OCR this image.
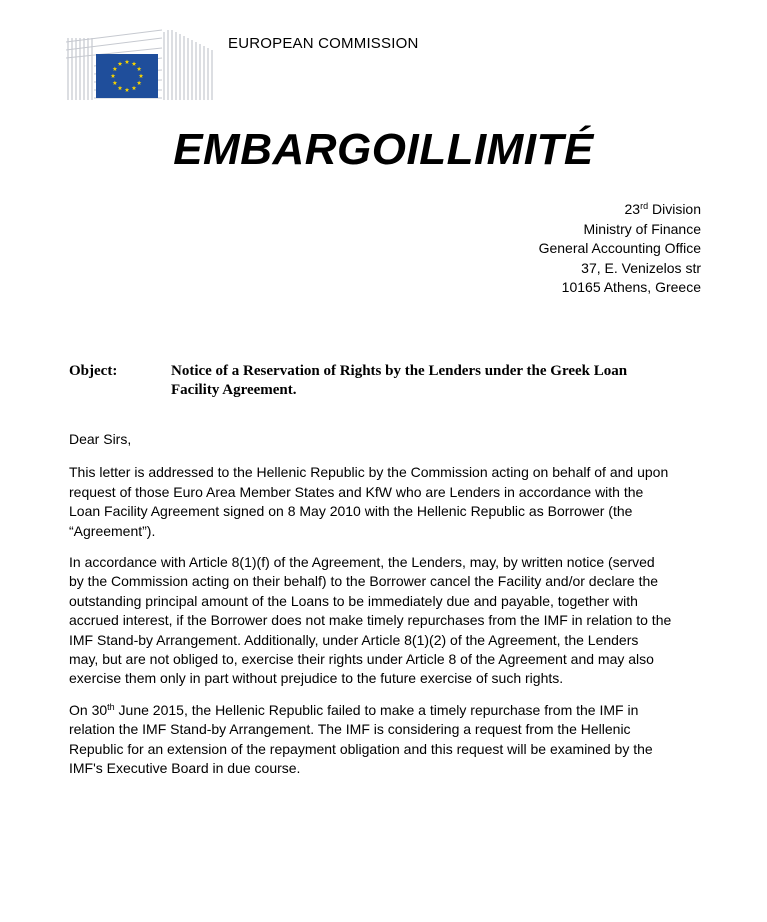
EUROPEAN COMMISSION
EMBARGOILLIMITÉ
23rd Division
Ministry of Finance
General Accounting Office
37, E. Venizelos str
10165 Athens, Greece
Object:	Notice of a Reservation of Rights by the Lenders under the Greek Loan
Facility Agreement.

Dear Sirs,

This letter is addressed to the Hellenic Republic by the Commission acting on behalf of and upon
request of those Euro Area Member States and KfW who are Lenders in accordance with the
Loan Facility Agreement signed on 8 May 2010 with the Hellenic Republic as Borrower (the
“Agreement”).

In accordance with Article 8(1)(f) of the Agreement, the Lenders, may, by written notice (served
by the Commission acting on their behalf) to the Borrower cancel the Facility and/or declare the
outstanding principal amount of the Loans to be immediately due and payable, together with
accrued interest, if the Borrower does not make timely repurchases from the IMF in relation to the
IMF Stand-by Arrangement. Additionally, under Article 8(1)(2) of the Agreement, the Lenders
may, but are not obliged to, exercise their rights under Article 8 of the Agreement and may also
exercise them only in part without prejudice to the future exercise of such rights.

On 30th June 2015, the Hellenic Republic failed to make a timely repurchase from the IMF in
relation the IMF Stand-by Arrangement. The IMF is considering a request from the Hellenic
Republic for an extension of the repayment obligation and this request will be examined by the
IMF's Executive Board in due course.
